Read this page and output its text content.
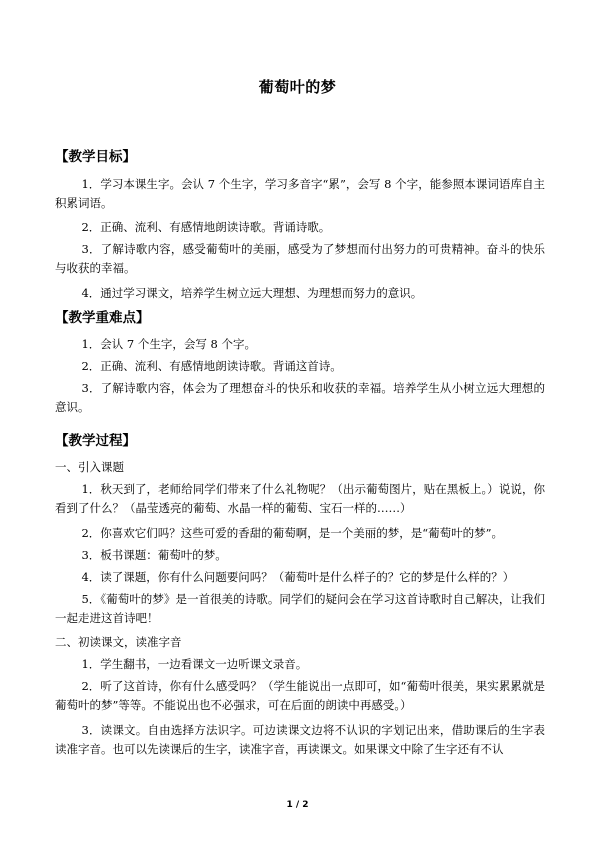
葡萄叶的梦
【教学目标】
1．学习本课生字。会认 7 个生字，学习多音字“累”，会写 8 个字，能参照本课词语库自主积累词语。
2．正确、流利、有感情地朗读诗歌。背诵诗歌。
3．了解诗歌内容，感受葡萄叶的美丽，感受为了梦想而付出努力的可贵精神。奋斗的快乐与收获的幸福。
4．通过学习课文，培养学生树立远大理想、为理想而努力的意识。
【教学重难点】
1．会认 7 个生字，会写 8 个字。
2．正确、流利、有感情地朗读诗歌。背诵这首诗。
3．了解诗歌内容，体会为了理想奋斗的快乐和收获的幸福。培养学生从小树立远大理想的意识。
【教学过程】
一、引入课题
1．秋天到了，老师给同学们带来了什么礼物呢？（出示葡萄图片，贴在黑板上。）说说，你看到了什么？（晶莹透亮的葡萄、水晶一样的葡萄、宝石一样的……）
2．你喜欢它们吗？这些可爱的香甜的葡萄啊，是一个美丽的梦，是“葡萄叶的梦”。
3．板书课题：葡萄叶的梦。
4．读了课题，你有什么问题要问吗？（葡萄叶是什么样子的？它的梦是什么样的？）
5．《葡萄叶的梦》是一首很美的诗歌。同学们的疑问会在学习这首诗歌时自己解决，让我们一起走进这首诗吧！
二、初读课文，读准字音
1．学生翻书，一边看课文一边听课文录音。
2．听了这首诗，你有什么感受吗？（学生能说出一点即可，如“葡萄叶很美，果实累累就是葡萄叶的梦”等等。不能说出也不必强求，可在后面的朗读中再感受。）
3．读课文。自由选择方法识字。可边读课文边将不认识的字划记出来，借助课后的生字表读准字音。也可以先读课后的生字，读准字音，再读课文。如果课文中除了生字还有不认
1 / 2
